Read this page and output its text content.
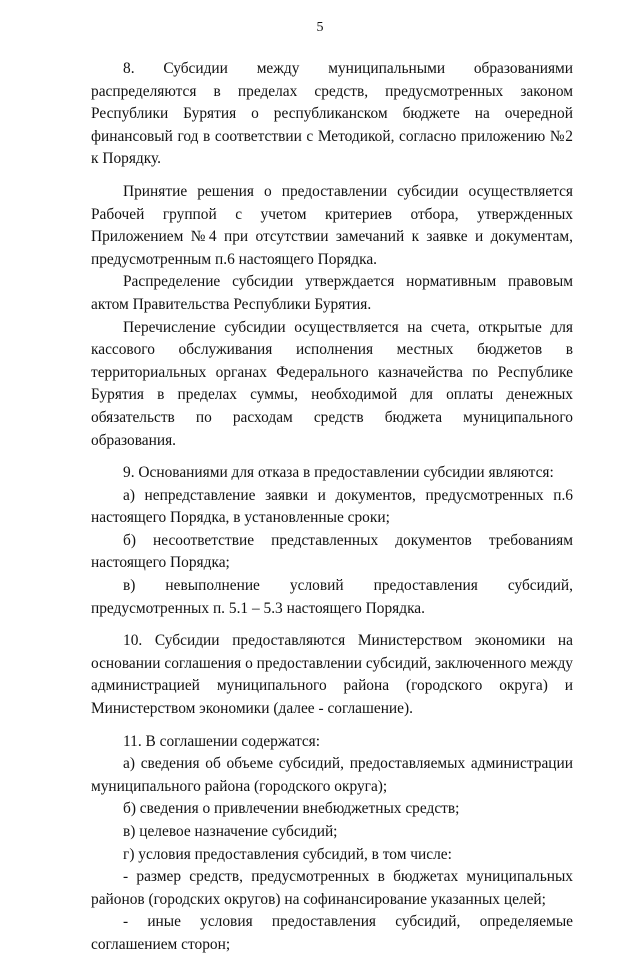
5

8. Субсидии между муниципальными образованиями распределяются в пределах средств, предусмотренных законом Республики Бурятия о республиканском бюджете на очередной финансовый год в соответствии с Методикой, согласно приложению №2 к Порядку.

Принятие решения о предоставлении субсидии осуществляется Рабочей группой с учетом критериев отбора, утвержденных Приложением №4 при отсутствии замечаний к заявке и документам, предусмотренным п.6 настоящего Порядка.

Распределение субсидии утверждается нормативным правовым актом Правительства Республики Бурятия.

Перечисление субсидии осуществляется на счета, открытые для кассового обслуживания исполнения местных бюджетов в территориальных органах Федерального казначейства по Республике Бурятия в пределах суммы, необходимой для оплаты денежных обязательств по расходам средств бюджета муниципального образования.

9. Основаниями для отказа в предоставлении субсидии являются:

а) непредставление заявки и документов, предусмотренных п.6 настоящего Порядка, в установленные сроки;

б) несоответствие представленных документов требованиям настоящего Порядка;

в) невыполнение условий предоставления субсидий, предусмотренных п. 5.1 – 5.3 настоящего Порядка.

10. Субсидии предоставляются Министерством экономики на основании соглашения о предоставлении субсидий, заключенного между администрацией муниципального района (городского округа) и Министерством экономики (далее - соглашение).

11. В соглашении содержатся:

а) сведения об объеме субсидий, предоставляемых администрации муниципального района (городского округа);

б) сведения о привлечении внебюджетных средств;

в) целевое назначение субсидий;

г) условия предоставления субсидий, в том числе:

- размер средств, предусмотренных в бюджетах муниципальных районов (городских округов) на софинансирование указанных целей;

- иные условия предоставления субсидий, определяемые соглашением сторон;
